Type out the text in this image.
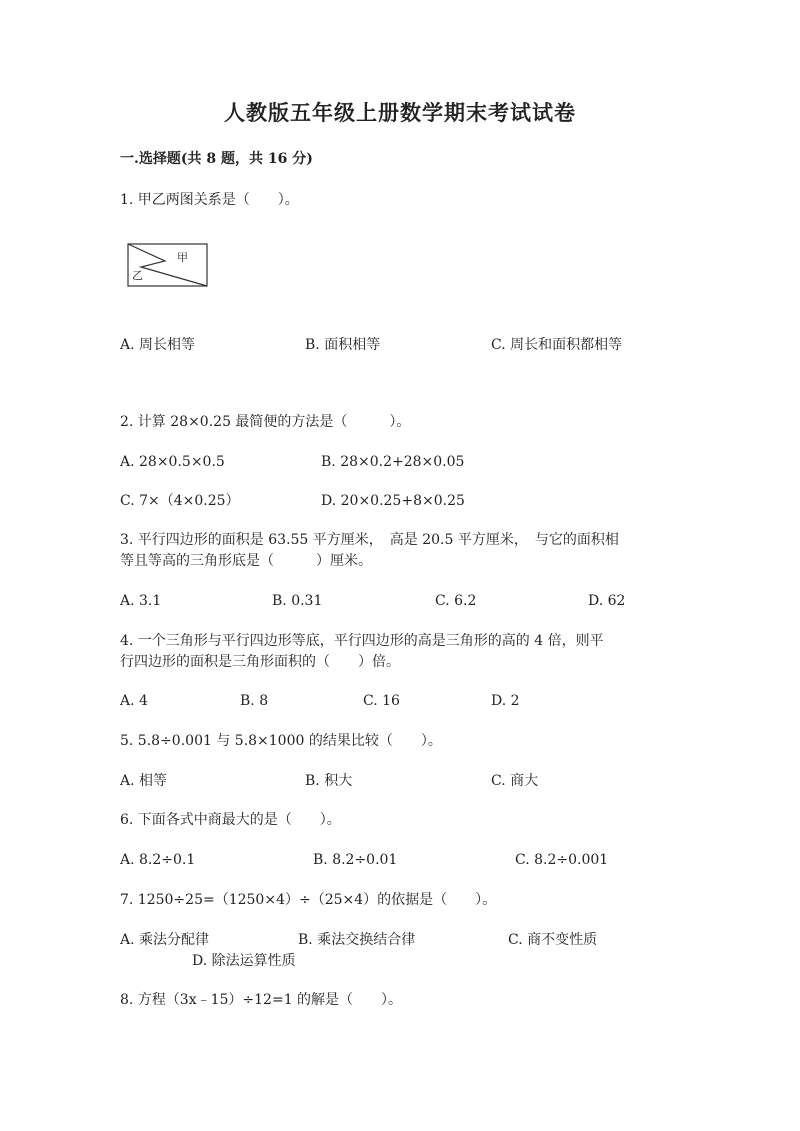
人教版五年级上册数学期末考试试卷
一.选择题(共 8 题，共 16 分)
1. 甲乙两图关系是（　　）。
甲
乙
A. 周长相等	B. 面积相等	C. 周长和面积都相等
2. 计算 28×0.25 最简便的方法是（　　　）。
A. 28×0.5×0.5	B. 28×0.2+28×0.05
C. 7×（4×0.25）	D. 20×0.25+8×0.25
3. 平行四边形的面积是 63.55 平方厘米，　高是 20.5 平方厘米，　与它的面积相
等且等高的三角形底是（　　　）厘米。
A. 3.1	B. 0.31	C. 6.2	D. 62
4. 一个三角形与平行四边形等底，平行四边形的高是三角形的高的 4 倍，则平
行四边形的面积是三角形面积的（　　）倍。
A. 4	B. 8	C. 16	D. 2
5. 5.8÷0.001 与 5.8×1000 的结果比较（　　）。
A. 相等	B. 积大	C. 商大
6. 下面各式中商最大的是（　　）。
A. 8.2÷0.1	B. 8.2÷0.01	C. 8.2÷0.001
7. 1250÷25=（1250×4）÷（25×4）的依据是（　　）。
A. 乘法分配律	B. 乘法交换结合律	C. 商不变性质
D. 除法运算性质
8. 方程（3x﹣15）÷12=1 的解是（　　）。
